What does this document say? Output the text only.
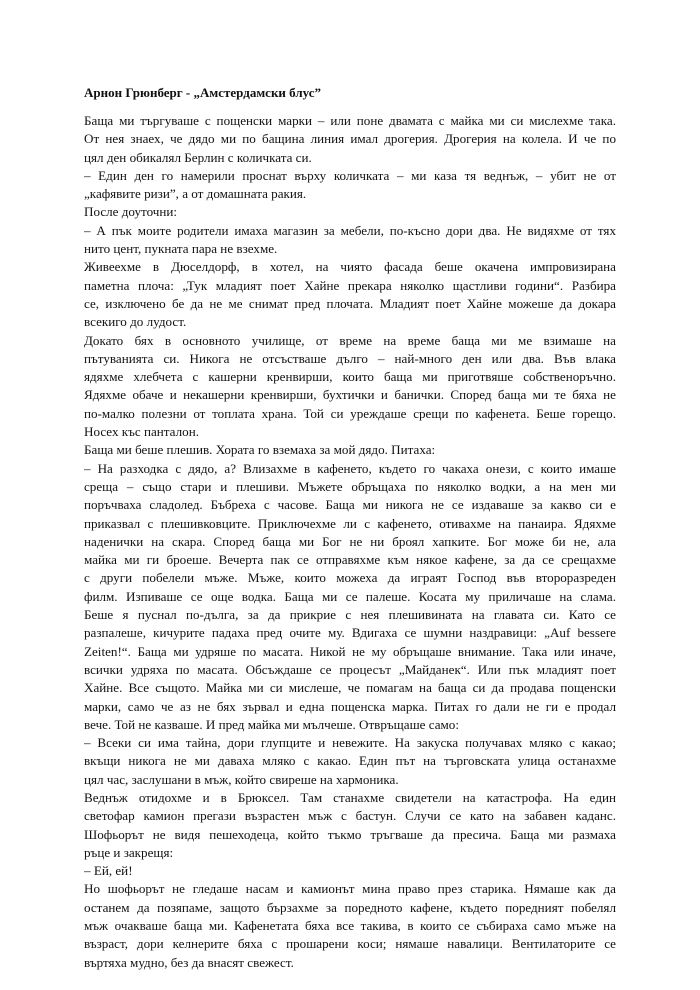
Арнон Грюнберг - „Амстердамски блус”
Баща ми търгуваше с пощенски марки – или поне двамата с майка ми си мислехме така.
От нея знаех, че дядо ми по бащина линия имал дрогерия. Дрогерия на колела. И че по
цял ден обикалял Берлин с количката си.
– Един ден го намерили проснат върху количката – ми каза тя веднъж, – убит не от
„кафявите ризи”, а от домашната ракия.
После доуточни:
– А пък моите родители имаха магазин за мебели, по-късно дори два. Не видяхме от тях
нито цент, пукната пара не взехме.
Живеехме в Дюселдорф, в хотел, на чиято фасада беше окачена импровизирана
паметна плоча: „Тук младият поет Хайне прекара няколко щастливи години“. Разбира
се, изключено бе да не ме снимат пред плочата. Младият поет Хайне можеше да докара
всекиго до лудост.
Докато бях в основното училище, от време на време баща ми ме взимаше на
пътуванията си. Никога не отсъстваше дълго – най-много ден или два. Във влака
ядяхме хлебчета с кашерни кренвирши, които баща ми приготвяше собственоръчно.
Ядяхме обаче и некашерни кренвирши, бухтички и банички. Според баща ми те бяха не
по-малко полезни от топлата храна. Той си уреждаше срещи по кафенета. Беше горещо.
Носех къс панталон.
Баща ми беше плешив. Хората го вземаха за мой дядо. Питаха:
– На разходка с дядо, а? Влизахме в кафенето, където го чакаха онези, с които имаше
среща – също стари и плешиви. Мъжете обръщаха по няколко водки, а на мен ми
поръчваха сладолед. Бъбреха с часове. Баща ми никога не се издаваше за какво си е
приказвал с плешивковците. Приключехме ли с кафенето, отивахме на панаира. Ядяхме
наденички на скара. Според баща ми Бог не ни броял хапките. Бог може би не, ала
майка ми ги броеше. Вечерта пак се отправяхме към някое кафене, за да се срещахме
с други побелели мъже. Мъже, които можеха да играят Господ във второразреден
филм. Изпиваше се още водка. Баща ми се палеше. Косата му приличаше на слама.
Беше я пуснал по-дълга, за да прикрие с нея плешивината на главата си. Като се
разпалеше, кичурите падаха пред очите му. Вдигаха се шумни наздравици: „Auf bessere
Zeiten!“. Баща ми удряше по масата. Никой не му обръщаше внимание. Така или иначе,
всички удряха по масата. Обсъждаше се процесът „Майданек“. Или пък младият поет
Хайне. Все същото. Майка ми си мислеше, че помагам на баща си да продава пощенски
марки, само че аз не бях зървал и една пощенска марка. Питах го дали не ги е продал
вече. Той не казваше. И пред майка ми мълчеше. Отвръщаше само:
– Всеки си има тайна, дори глупците и невежите. На закуска получавах мляко с какао;
вкъщи никога не ми даваха мляко с какао. Един път на търговската улица останахме
цял час, заслушани в мъж, който свиреше на хармоника.
Веднъж отидохме и в Брюксел. Там станахме свидетели на катастрофа. На един
светофар камион прегази възрастен мъж с бастун. Случи се като на забавен каданс.
Шофьорът не видя пешеходеца, който тъкмо тръгваше да пресича. Баща ми размаха
ръце и закрещя:
– Ей, ей!
Но шофьорът не гледаше насам и камионът мина право през старика. Нямаше как да
останем да позяпаме, защото бързахме за поредното кафене, където поредният побелял
мъж очакваше баща ми. Кафенетата бяха все такива, в които се събираха само мъже на
възраст, дори келнерите бяха с прошарени коси; нямаше навалици. Вентилаторите се
въртяха мудно, без да внасят свежест.
